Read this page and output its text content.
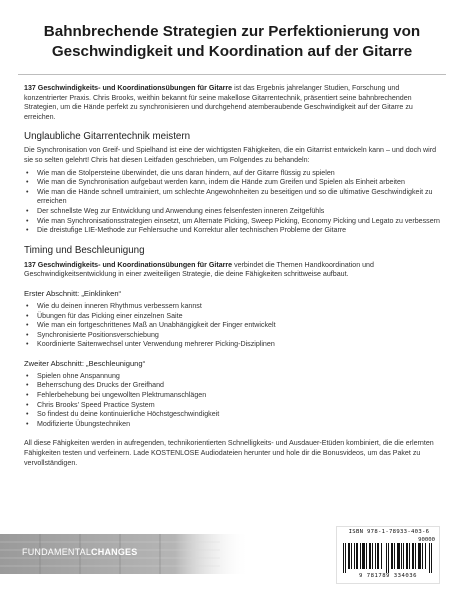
Bahnbrechende Strategien zur Perfektionierung von Geschwindigkeit und Koordination auf der Gitarre

137 Geschwindigkeits- und Koordinationsübungen für Gitarre ist das Ergebnis jahrelanger Studien, Forschung und konzentrierter Praxis. Chris Brooks, weithin bekannt für seine makellose Gitarrentechnik, präsentiert seine bahnbrechenden Strategien, um die Hände perfekt zu synchronisieren und durchgehend atemberaubende Geschwindigkeit auf der Gitarre zu erreichen.

Unglaubliche Gitarrentechnik meistern

Die Synchronisation von Greif- und Spielhand ist eine der wichtigsten Fähigkeiten, die ein Gitarrist entwickeln kann – und doch wird sie so selten gelehrt! Chris hat diesen Leitfaden geschrieben, um Folgendes zu behandeln:

• Wie man die Stolpersteine überwindet, die uns daran hindern, auf der Gitarre flüssig zu spielen
• Wie man die Synchronisation aufgebaut werden kann, indem die Hände zum Greifen und Spielen als Einheit arbeiten
• Wie man die Hände schnell umtrainiert, um schlechte Angewohnheiten zu beseitigen und so die ultimative Geschwindigkeit zu erreichen
• Der schnellste Weg zur Entwicklung und Anwendung eines felsenfesten inneren Zeitgefühls
• Wie man Synchronisationsstrategien einsetzt, um Alternate Picking, Sweep Picking, Economy Picking und Legato zu verbessern
• Die dreistufige LIE-Methode zur Fehlersuche und Korrektur aller technischen Probleme der Gitarre
Timing und Beschleunigung

137 Geschwindigkeits- und Koordinationsübungen für Gitarre verbindet die Themen Handkoordination und Geschwindigkeitsentwicklung in einer zweiteiligen Strategie, die deine Fähigkeiten schrittweise aufbaut.

Erster Abschnitt: „Einklinken“
• Wie du deinen inneren Rhythmus verbessern kannst
• Übungen für das Picking einer einzelnen Saite
• Wie man ein fortgeschrittenes Maß an Unabhängigkeit der Finger entwickelt
• Synchronisierte Positionsverschiebung
• Koordinierte Saitenwechsel unter Verwendung mehrerer Picking-Disziplinen
Zweiter Abschnitt: „Beschleunigung“
• Spielen ohne Anspannung
• Beherrschung des Drucks der Greifhand
• Fehlerbehebung bei ungewollten Plektrumanschlägen
• Chris Brooks' Speed Practice System
• So findest du deine kontinuierliche Höchstgeschwindigkeit
• Modifizierte Übungstechniken

All diese Fähigkeiten werden in aufregenden, technikorientierten Schnelligkeits- und Ausdauer-Etüden kombiniert, die die erlernten Fähigkeiten testen und verfeinern. Lade KOSTENLOSE Audiodateien herunter und hole dir die Bonusvideos, um das Paket zu vervollständigen.

FUNDAMENTALCHANGES
ISBN 978-1-78933-403-6
90000
9 781789 334036
